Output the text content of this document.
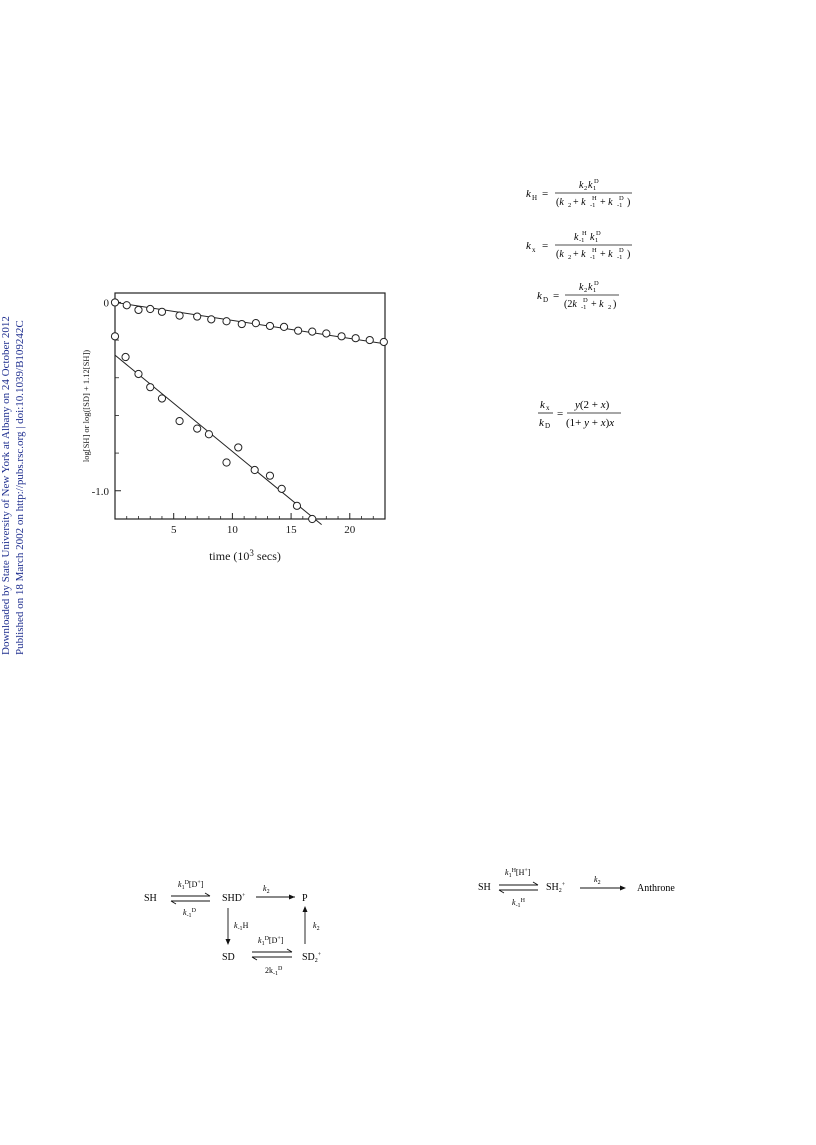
Downloaded by State University of New York at Albany on 24 October 2012 Published on 18 March 2002 on http://pubs.rsc.org | doi:10.1039/B109242C
0
-1.0
5	10	15	20
time ($10^3$ secs)
log[SH] or log([SD] + 1.12[SH])
k H =
k 2 k 1
D
(k 2 + k -1
H + k -1
D )
k x =
k -1
H k 1
D
(k 2 + k -1
H + k -1
D )
k D =
k 2 k 1
D
(2k -1
D + k 2 )
k x
k D
=
y(2 + x)
(1+ y + x)x
SH
$k_1^D[D^+]$
$k_{-1}^D$
SHD+
$k_2$
P
$k_{-1}H$	$k_2$
SD
$k_1^D[D^+]$
$2k_{-1}^D$
$SD_2^+$
SH
$k_1^H[H^+]$
$k_{-1}^H$
$SH_2^+$
$k_2$	Anthrone
